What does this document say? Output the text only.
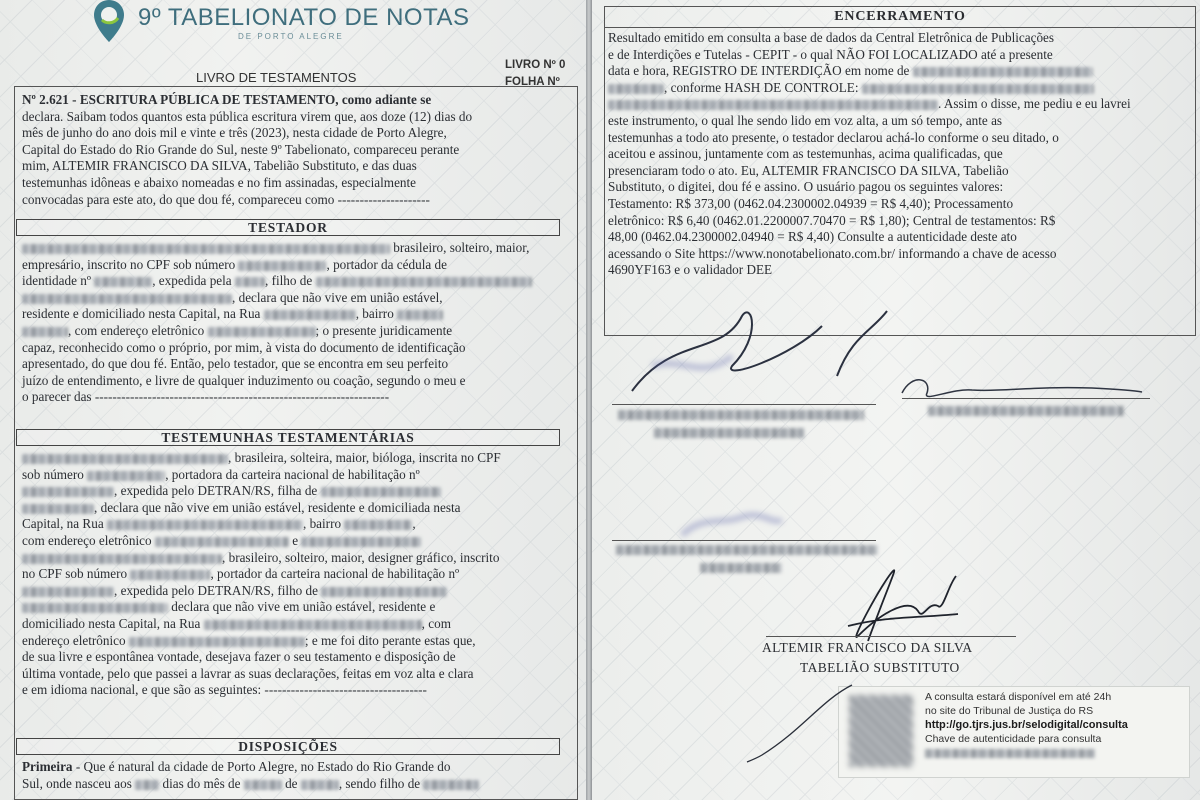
9º TABELIONATO DE NOTAS
DE PORTO ALEGRE
LIVRO DE TESTAMENTOS
LIVRO Nº 0
FOLHA Nº
Nº 2.621 - ESCRITURA PÚBLICA DE TESTAMENTO, como adiante se
declara. Saibam todos quantos esta pública escritura virem que, aos doze (12) dias do
mês de junho do ano dois mil e vinte e três (2023), nesta cidade de Porto Alegre,
Capital do Estado do Rio Grande do Sul, neste 9º Tabelionato, compareceu perante
mim, ALTEMIR FRANCISCO DA SILVA, Tabelião Substituto, e das duas
testemunhas idôneas e abaixo nomeadas e no fim assinadas, especialmente
convocadas para este ato, do que dou fé, compareceu como ---------------------
TESTADOR
brasileiro, solteiro, maior,
empresário, inscrito no CPF sob número	, portador da cédula de
identidade nº	, expedida pela	, filho de
, declara que não vive em união estável,
residente e domiciliado nesta Capital, na Rua	, bairro
, com endereço eletrônico	; o presente juridicamente
capaz, reconhecido como o próprio, por mim, à vista do documento de identificação
apresentado, do que dou fé. Então, pelo testador, que se encontra em seu perfeito
juízo de entendimento, e livre de qualquer induzimento ou coação, segundo o meu e
o parecer das -------------------------------------------------------------------
TESTEMUNHAS TESTAMENTÁRIAS
, brasileira, solteira, maior, bióloga, inscrita no CPF
sob número	, portadora da carteira nacional de habilitação nº
, expedida pelo DETRAN/RS, filha de
, declara que não vive em união estável, residente e domiciliada nesta
Capital, na Rua	, bairro	,
com endereço eletrônico	e
, brasileiro, solteiro, maior, designer gráfico, inscrito
no CPF sob número	, portador da carteira nacional de habilitação nº
, expedida pelo DETRAN/RS, filho de
declara que não vive em união estável, residente e
domiciliado nesta Capital, na Rua	, com
endereço eletrônico	; e me foi dito perante estas que,
de sua livre e espontânea vontade, desejava fazer o seu testamento e disposição de
última vontade, pelo que passei a lavrar as suas declarações, feitas em voz alta e clara
e em idioma nacional, e que são as seguintes: -------------------------------------
DISPOSIÇÕES
Primeira - Que é natural da cidade de Porto Alegre, no Estado do Rio Grande do
Sul, onde nasceu aos dias do mês de	de	, sendo filho de
ENCERRAMENTO
Resultado emitido em consulta a base de dados da Central Eletrônica de Publicações
e de Interdições e Tutelas - CEPIT - o qual NÃO FOI LOCALIZADO até a presente
data e hora, REGISTRO DE INTERDIÇÃO em nome de
, conforme HASH DE CONTROLE:
. Assim o disse, me pediu e eu lavrei
este instrumento, o qual lhe sendo lido em voz alta, a um só tempo, ante as
testemunhas a todo ato presente, o testador declarou achá-lo conforme o seu ditado, o
aceitou e assinou, juntamente com as testemunhas, acima qualificadas, que
presenciaram todo o ato. Eu, ALTEMIR FRANCISCO DA SILVA, Tabelião
Substituto, o digitei, dou fé e assino. O usuário pagou os seguintes valores:
Testamento: R$ 373,00 (0462.04.2300002.04939 = R$ 4,40); Processamento
eletrônico: R$ 6,40 (0462.01.2200007.70470 = R$ 1,80); Central de testamentos: R$
48,00 (0462.04.2300002.04940 = R$ 4,40) Consulte a autenticidade deste ato
acessando o Site https://www.nonotabelionato.com.br/ informando a chave de acesso
4690YF163 e o validador DEE
ALTEMIR FRANCISCO DA SILVA
TABELIÃO SUBSTITUTO
A consulta estará disponível em até 24h
no site do Tribunal de Justiça do RS
http://go.tjrs.jus.br/selodigital/consulta
Chave de autenticidade para consulta
